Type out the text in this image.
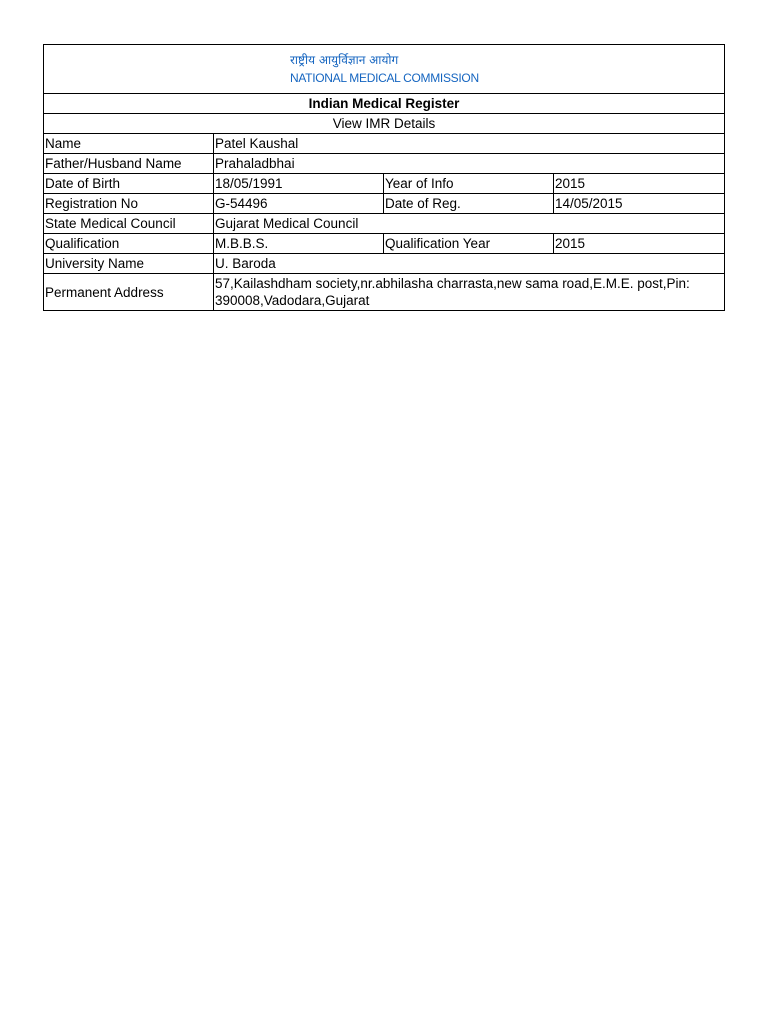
राष्ट्रीय आयुर्विज्ञान आयोग
NATIONAL MEDICAL COMMISSION			

Indian Medical Register			
View IMR Details			
Name	Patel Kaushal		
Father/Husband Name	Prahaladbhai		
Date of Birth	18/05/1991	Year of Info	2015
Registration No	G-54496	Date of Reg.	14/05/2015
State Medical Council	Gujarat Medical Council		
Qualification	M.B.B.S.	Qualification Year	2015
University Name	U. Baroda		
Permanent Address	57,Kailashdham society,nr.abhilasha charrasta,new sama road,E.M.E. post,Pin: 390008,Vadodara,Gujarat		
